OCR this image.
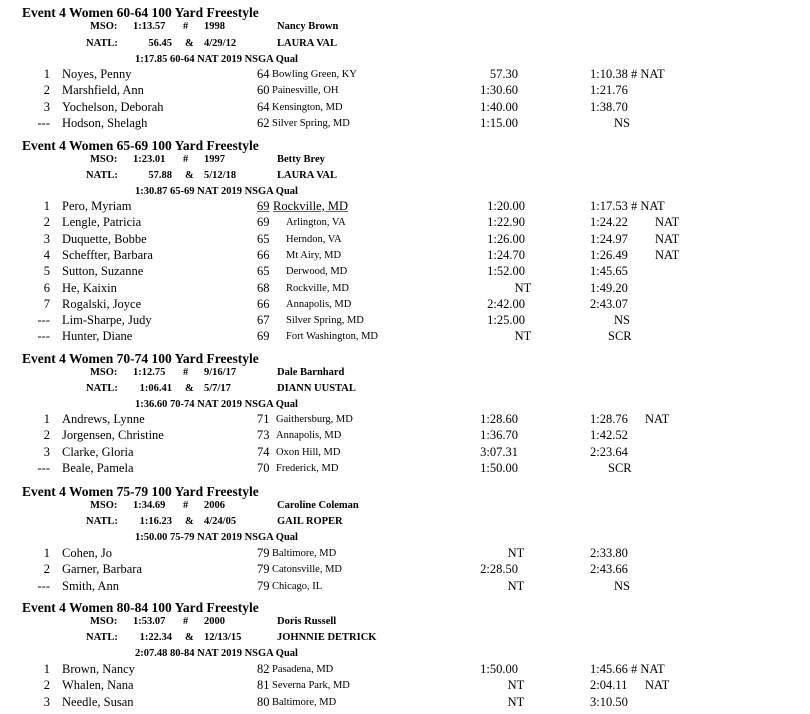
Event 4 Women 60-64 100 Yard Freestyle
MSO: 1:13.57 # 1998	Nancy Brown
NATL:	56.45 & 4/29/12	LAURA VAL
1:17.85 60-64 NAT 2019 NSGA Qual
1 Noyes, Penny	64 Bowling Green, KY	57.30	1:10.38 # NAT
2 Marshfield, Ann	60 Painesville, OH	1:30.60	1:21.76
3 Yochelson, Deborah	64 Kensington, MD	1:40.00	1:38.70
--- Hodson, Shelagh	62 Silver Spring, MD	1:15.00	NS
Event 4 Women 65-69 100 Yard Freestyle
MSO: 1:23.01 # 1997	Betty Brey
NATL:	57.88 & 5/12/18	LAURA VAL
1:30.87 65-69 NAT 2019 NSGA Qual
1 Pero, Myriam	69 Rockville, MD	1:20.00	1:17.53 # NAT
2 Lengle, Patricia	69 Arlington, VA	1:22.90	1:24.22 NAT
3 Duquette, Bobbe	65 Herndon, VA	1:26.00	1:24.97 NAT
4 Scheffter, Barbara	66 Mt Airy, MD	1:24.70	1:26.49 NAT
5 Sutton, Suzanne	65 Derwood, MD	1:52.00	1:45.65
6 He, Kaixin	68 Rockville, MD	NT	1:49.20
7 Rogalski, Joyce	66 Annapolis, MD	2:42.00	2:43.07
--- Lim-Sharpe, Judy	67 Silver Spring, MD	1:25.00	NS
--- Hunter, Diane	69 Fort Washington, MD	NT	SCR
Event 4 Women 70-74 100 Yard Freestyle
MSO: 1:12.75 # 9/16/17	Dale Barnhard
NATL:	1:06.41 & 5/7/17	DIANN UUSTAL
1:36.60 70-74 NAT 2019 NSGA Qual
1 Andrews, Lynne	71 Gaithersburg, MD	1:28.60	1:28.76 NAT
2 Jorgensen, Christine	73 Annapolis, MD	1:36.70	1:42.52
3 Clarke, Gloria	74 Oxon Hill, MD	3:07.31	2:23.64
--- Beale, Pamela	70 Frederick, MD	1:50.00	SCR
Event 4 Women 75-79 100 Yard Freestyle
MSO: 1:34.69 # 2006	Caroline Coleman
NATL:	1:16.23 & 4/24/05	GAIL ROPER
1:50.00 75-79 NAT 2019 NSGA Qual
1 Cohen, Jo	79 Baltimore, MD	NT	2:33.80
2 Garner, Barbara	79 Catonsville, MD	2:28.50	2:43.66
--- Smith, Ann	79 Chicago, IL	NT	NS
Event 4 Women 80-84 100 Yard Freestyle
MSO: 1:53.07 # 2000	Doris Russell
NATL:	1:22.34 & 12/13/15	JOHNNIE DETRICK
2:07.48 80-84 NAT 2019 NSGA Qual
1 Brown, Nancy	82 Pasadena, MD	1:50.00	1:45.66 # NAT
2 Whalen, Nana	81 Severna Park, MD	NT	2:04.11 NAT
3 Needle, Susan	80 Baltimore, MD	NT	3:10.50
